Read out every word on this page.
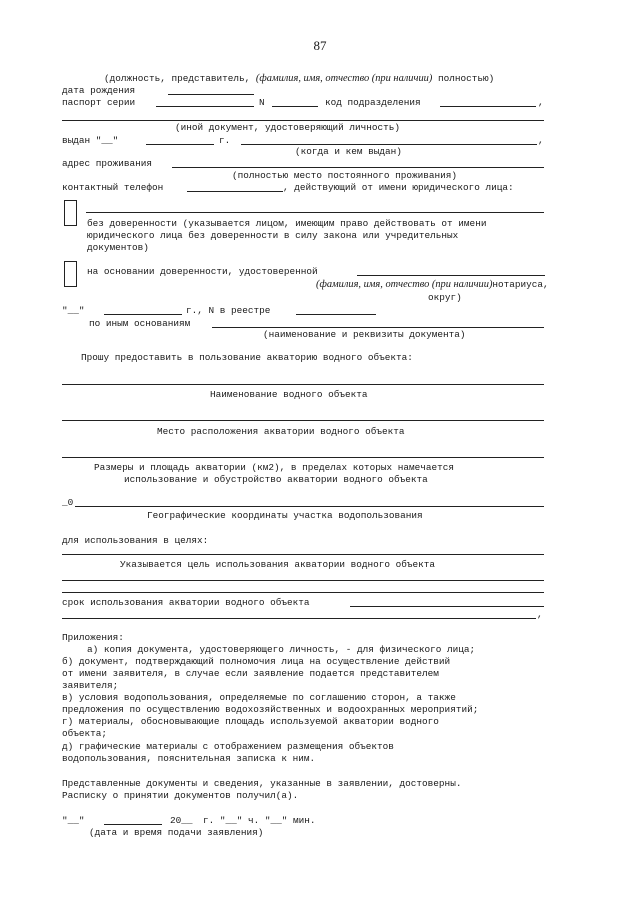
87
(должность, представитель, (фамилия, имя, отчество (при наличии) полностью)
дата рождения
паспорт серии	N	код подразделения	,
(иной документ, удостоверяющий личность)
выдан "__"	г.	,
(когда и кем выдан)
адрес проживания
(полностью место постоянного проживания)
контактный телефон	, действующий от имени юридического лица:
без доверенности (указывается лицом, имеющим право действовать от имени
юридического лица без доверенности в силу закона или учредительных
документов)
на основании доверенности, удостоверенной
(фамилия, имя, отчество (при наличии)нотариуса,
округ)
"__"	г., N в реестре
по иным основаниям
(наименование и реквизиты документа)
Прошу предоставить в пользование акваторию водного объекта:
Наименование водного объекта
Место расположения акватории водного объекта
Размеры и площадь акватории (км2), в пределах которых намечается
использование и обустройство акватории водного объекта
_0
Географические координаты участка водопользования
для использования в целях:
Указывается цель использования акватории водного объекта
срок использования акватории водного объекта
,
Приложения:
а) копия документа, удостоверяющего личность, - для физического лица;
б) документ, подтверждающий полномочия лица на осуществление действий
от имени заявителя, в случае если заявление подается представителем
заявителя;
в) условия водопользования, определяемые по соглашению сторон, а также
предложения по осуществлению водохозяйственных и водоохранных мероприятий;
г) материалы, обосновывающие площадь используемой акватории водного
объекта;
д) графические материалы с отображением размещения объектов
водопользования, пояснительная записка к ним.
Представленные документы и сведения, указанные в заявлении, достоверны.
Расписку о принятии документов получил(а).
"__"	20__ г. "__" ч. "__" мин.
(дата и время подачи заявления)
